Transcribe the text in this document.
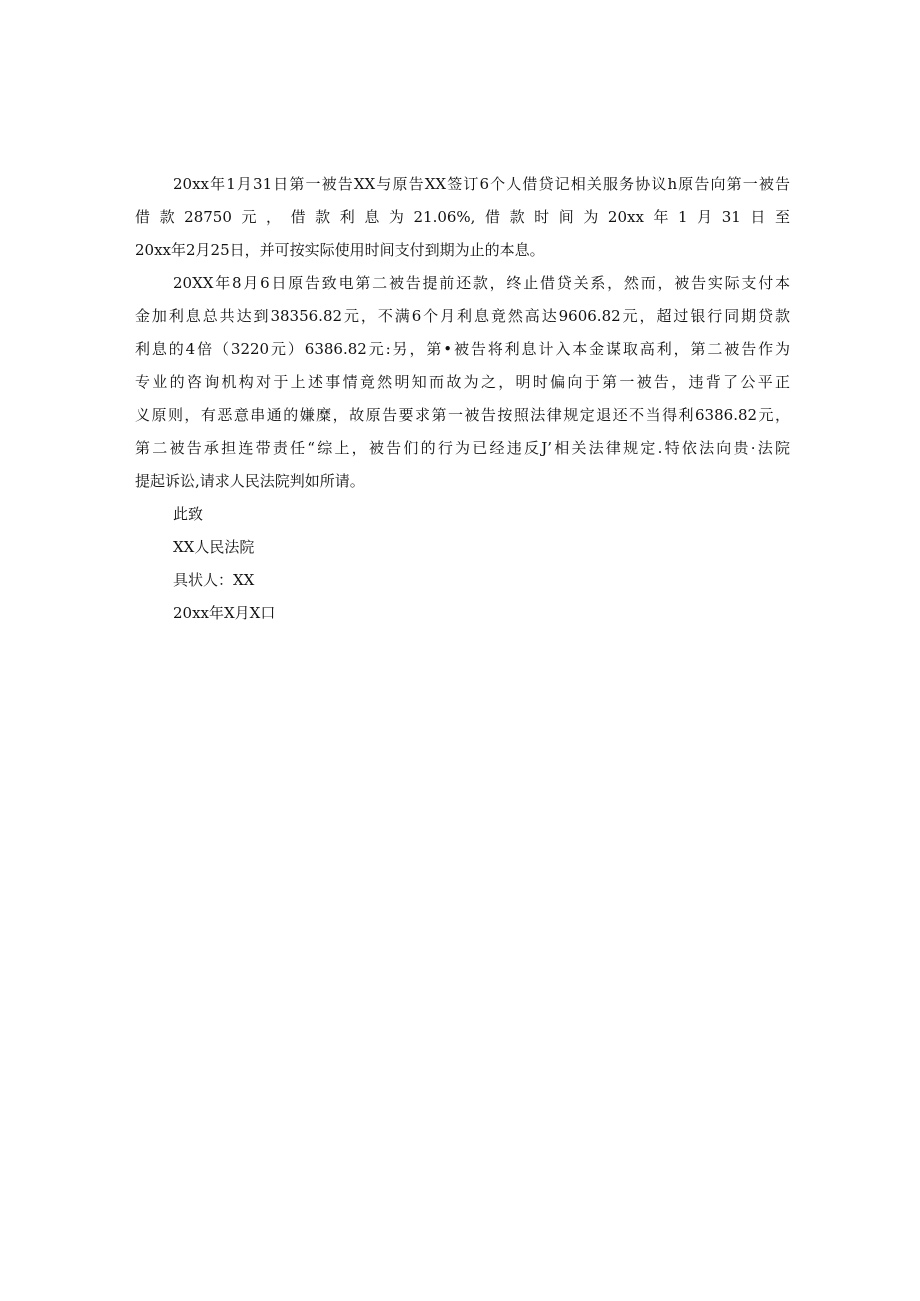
20xx年1月31日第一被告XX与原告XX签订6个人借贷记相关服务协议h原告向第一被告
借款28750元，借款利息为21.06%,借款时间为20xx年1月31日至
20xx年2月25日，并可按实际使用时间支付到期为止的本息。
20XX年8月6日原告致电第二被告提前还款，终止借贷关系，然而，被告实际支付本
金加利息总共达到38356.82元，不满6个月利息竟然高达9606.82元，超过银行同期贷款
利息的4倍（3220元）6386.82元:另，第•被告将利息计入本金谋取高利，第二被告作为
专业的咨询机构对于上述事情竟然明知而故为之，明时偏向于第一被告，违背了公平正
义原则，有恶意串通的嫌糜，故原告要求第一被告按照法律规定退还不当得利6386.82元，
第二被告承担连带责任“综上，被告们的行为已经违反J’相关法律规定.特依法向贵·法院
提起诉讼,请求人民法院判如所请。
此致
XX人民法院
具状人：XX
20xx年X月X口
